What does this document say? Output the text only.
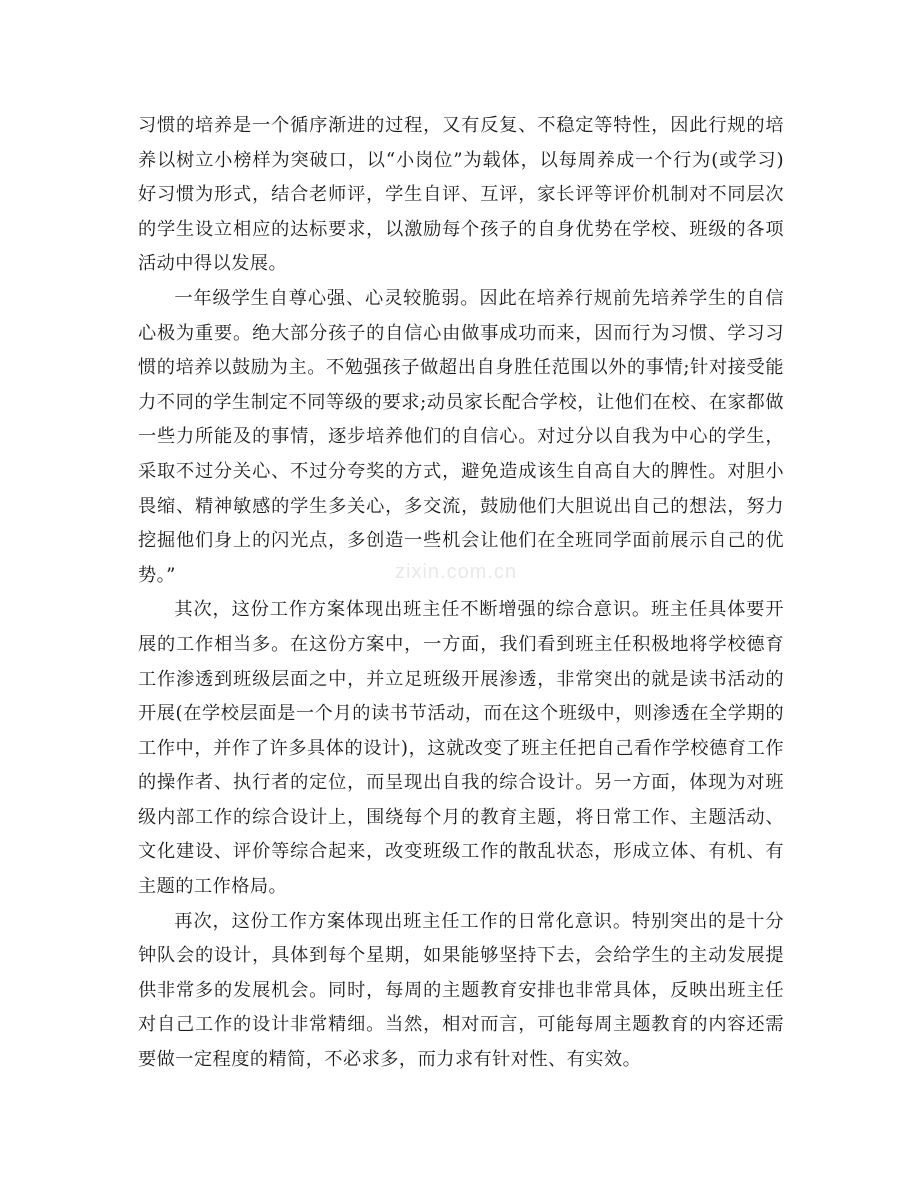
习惯的培养是一个循序渐进的过程，又有反复、不稳定等特性，因此行规的培养以树立小榜样为突破口，以“小岗位”为载体，以每周养成一个行为(或学习)好习惯为形式，结合老师评，学生自评、互评，家长评等评价机制对不同层次的学生设立相应的达标要求，以激励每个孩子的自身优势在学校、班级的各项活动中得以发展。

一年级学生自尊心强、心灵较脆弱。因此在培养行规前先培养学生的自信心极为重要。绝大部分孩子的自信心由做事成功而来，因而行为习惯、学习习惯的培养以鼓励为主。不勉强孩子做超出自身胜任范围以外的事情;针对接受能力不同的学生制定不同等级的要求;动员家长配合学校，让他们在校、在家都做一些力所能及的事情，逐步培养他们的自信心。对过分以自我为中心的学生，采取不过分关心、不过分夸奖的方式，避免造成该生自高自大的脾性。对胆小畏缩、精神敏感的学生多关心，多交流，鼓励他们大胆说出自己的想法，努力挖掘他们身上的闪光点，多创造一些机会让他们在全班同学面前展示自己的优势。”

其次，这份工作方案体现出班主任不断增强的综合意识。班主任具体要开展的工作相当多。在这份方案中，一方面，我们看到班主任积极地将学校德育工作渗透到班级层面之中，并立足班级开展渗透，非常突出的就是读书活动的开展(在学校层面是一个月的读书节活动，而在这个班级中，则渗透在全学期的工作中，并作了许多具体的设计)，这就改变了班主任把自己看作学校德育工作的操作者、执行者的定位，而呈现出自我的综合设计。另一方面，体现为对班级内部工作的综合设计上，围绕每个月的教育主题，将日常工作、主题活动、文化建设、评价等综合起来，改变班级工作的散乱状态，形成立体、有机、有主题的工作格局。

再次，这份工作方案体现出班主任工作的日常化意识。特别突出的是十分钟队会的设计，具体到每个星期，如果能够坚持下去，会给学生的主动发展提供非常多的发展机会。同时，每周的主题教育安排也非常具体，反映出班主任对自己工作的设计非常精细。当然，相对而言，可能每周主题教育的内容还需要做一定程度的精简，不必求多，而力求有针对性、有实效。

zixin.com.cn
